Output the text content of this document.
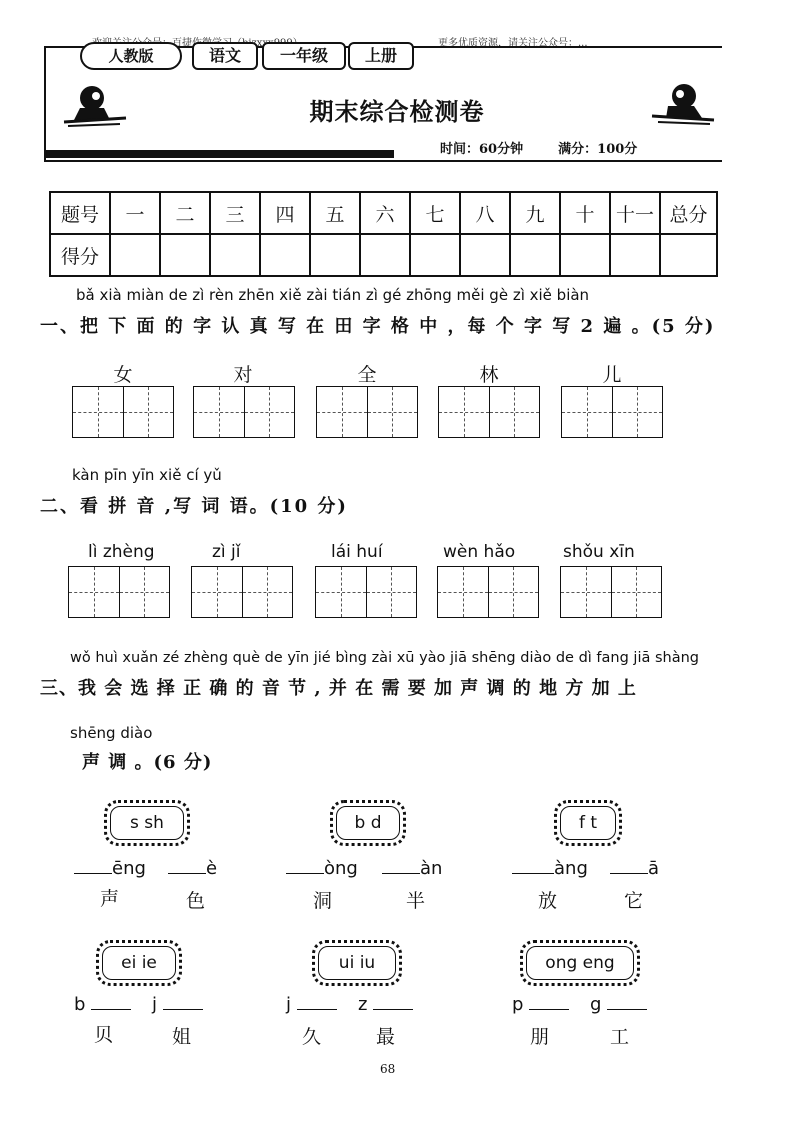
更多优质资源，请关注公众号：...
人教版	语文	一年级	上册
期末综合检测卷
时间：60分钟	满分：100分
题号	一	二	三	四	五	六	七	八	九	十	十一	总分
得分												
bǎ xià miàn de zì rèn zhēn xiě zài tián zì gé zhōng měi gè zì xiě biàn
一、把 下 面 的 字 认 真 写 在 田 字 格 中 ，每 个 字 写 2 遍 。(5 分)
女	对	全	林	儿
kàn pīn yīn xiě cí yǔ
二、看 拼 音 ,写 词 语。(10 分)
lì zhèng	zì jǐ	lái huí	wèn hǎo	shǒu xīn
wǒ huì xuǎn zé zhèng què de yīn jié bìng zài xū yào jiā shēng diào de dì fang jiā shàng
三、我 会 选 择 正 确 的 音 节 , 并 在 需 要 加 声 调 的 地 方 加 上
shēng diào
声 调 。(6 分)
s sh	b d	f t
ēng	è	òng	àn	àng	ā
声	色	洞	半	放	它
ei ie	ui iu	ong eng
b	j	j	z	p	g
贝	姐	久	最	朋	工
68
